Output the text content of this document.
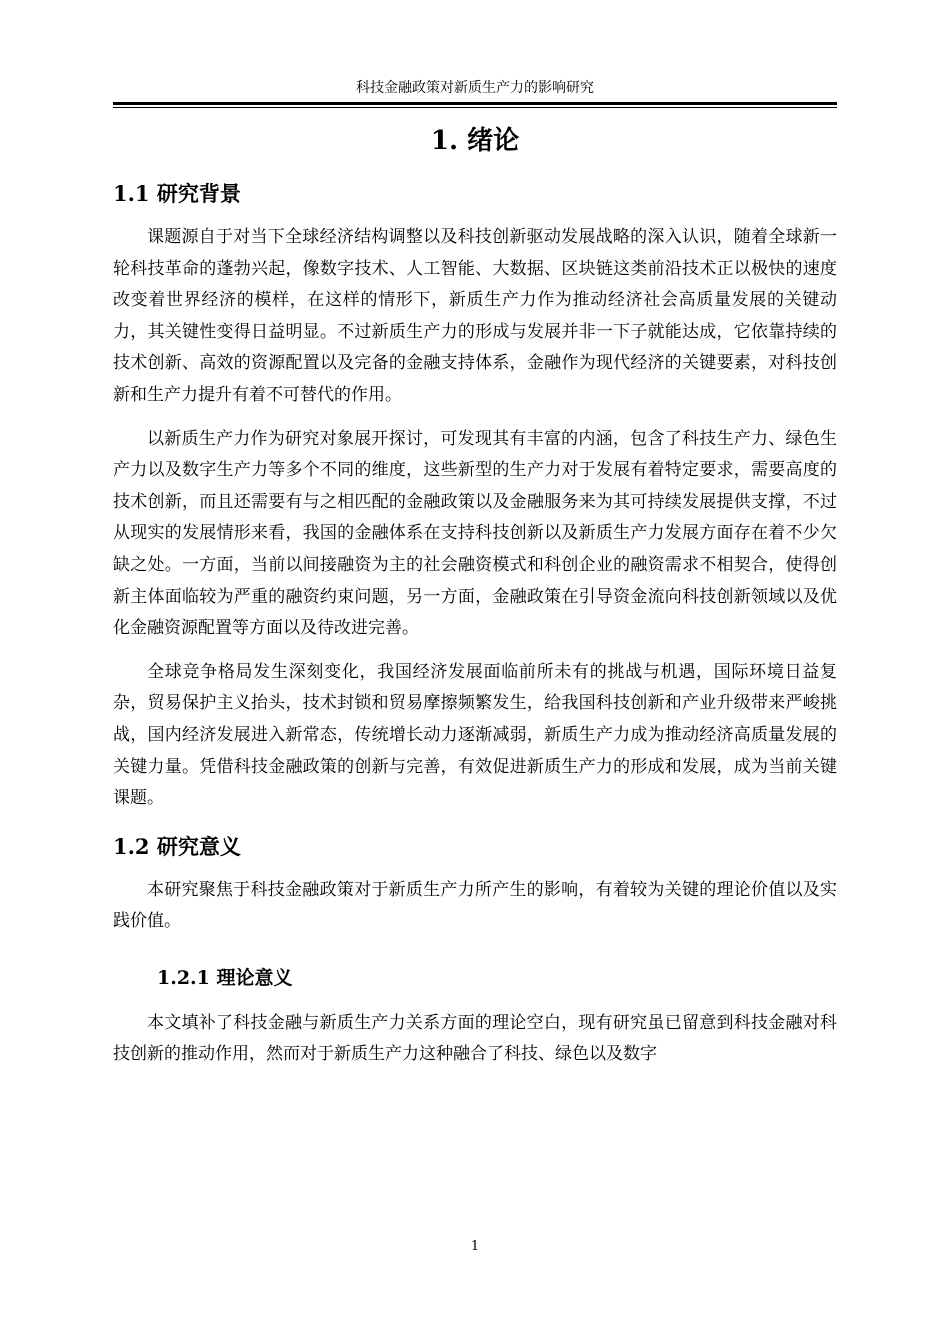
科技金融政策对新质生产力的影响研究
1. 绪论
1.1 研究背景

课题源自于对当下全球经济结构调整以及科技创新驱动发展战略的深入认识，随着全球新一轮科技革命的蓬勃兴起，像数字技术、人工智能、大数据、区块链这类前沿技术正以极快的速度改变着世界经济的模样，在这样的情形下，新质生产力作为推动经济社会高质量发展的关键动力，其关键性变得日益明显。不过新质生产力的形成与发展并非一下子就能达成，它依靠持续的技术创新、高效的资源配置以及完备的金融支持体系，金融作为现代经济的关键要素，对科技创新和生产力提升有着不可替代的作用。

以新质生产力作为研究对象展开探讨，可发现其有丰富的内涵，包含了科技生产力、绿色生产力以及数字生产力等多个不同的维度，这些新型的生产力对于发展有着特定要求，需要高度的技术创新，而且还需要有与之相匹配的金融政策以及金融服务来为其可持续发展提供支撑，不过从现实的发展情形来看，我国的金融体系在支持科技创新以及新质生产力发展方面存在着不少欠缺之处。一方面，当前以间接融资为主的社会融资模式和科创企业的融资需求不相契合，使得创新主体面临较为严重的融资约束问题，另一方面，金融政策在引导资金流向科技创新领域以及优化金融资源配置等方面以及待改进完善。

全球竞争格局发生深刻变化，我国经济发展面临前所未有的挑战与机遇，国际环境日益复杂，贸易保护主义抬头，技术封锁和贸易摩擦频繁发生，给我国科技创新和产业升级带来严峻挑战，国内经济发展进入新常态，传统增长动力逐渐减弱，新质生产力成为推动经济高质量发展的关键力量。凭借科技金融政策的创新与完善，有效促进新质生产力的形成和发展，成为当前关键课题。

1.2 研究意义

本研究聚焦于科技金融政策对于新质生产力所产生的影响，有着较为关键的理论价值以及实践价值。

1.2.1 理论意义

本文填补了科技金融与新质生产力关系方面的理论空白，现有研究虽已留意到科技金融对科技创新的推动作用，然而对于新质生产力这种融合了科技、绿色以及数字

1
